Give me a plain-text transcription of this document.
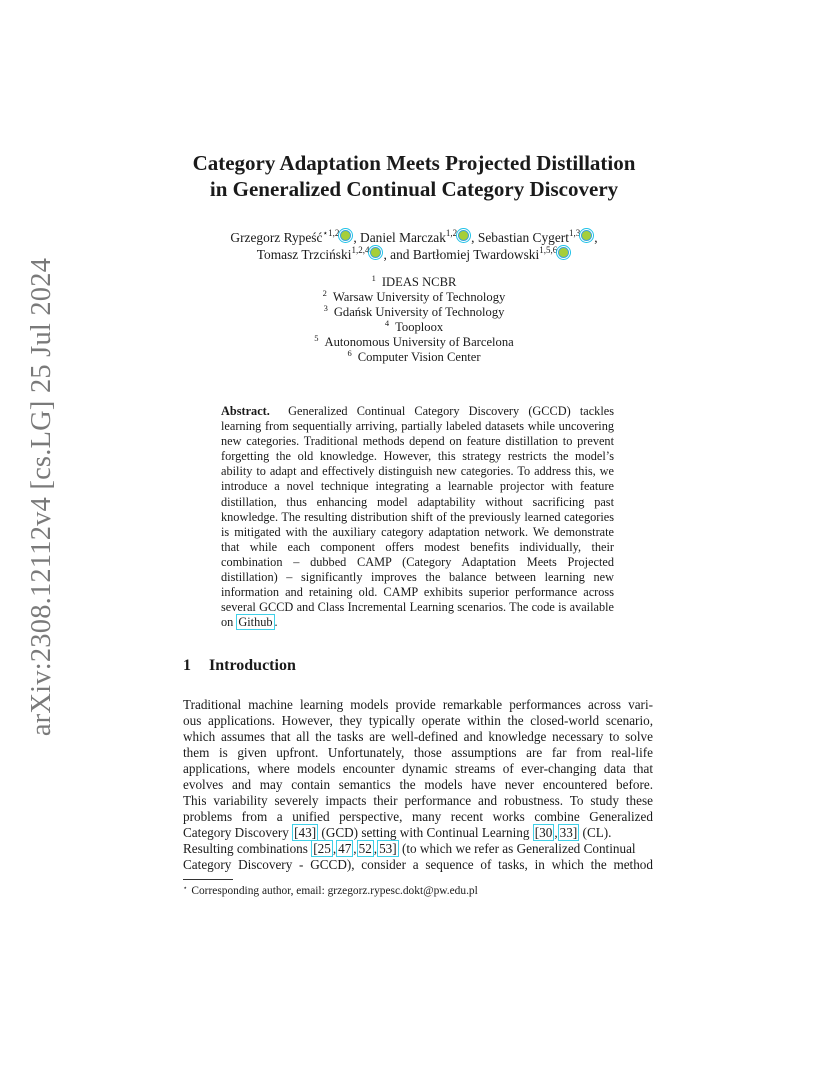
arXiv:2308.12112v4 [cs.LG] 25 Jul 2024
Category Adaptation Meets Projected Distillation
in Generalized Continual Category Discovery
Grzegorz Rypeść$^{⋆1,2}$ , Daniel Marczak$^{1,2}$ , Sebastian Cygert$^{1,3}$ ,
Tomasz Trzciński$^{1,2,4}$ , and Bartłomiej Twardowski$^{1,5,6}$
$^1$ IDEAS NCBR
$^2$ Warsaw University of Technology
$^3$ Gdańsk University of Technology
$^4$ Tooploox
$^5$ Autonomous University of Barcelona
$^6$ Computer Vision Center
Abstract. Generalized Continual Category Discovery (GCCD) tackles learning from sequentially arriving, partially labeled datasets while uncovering new categories. Traditional methods depend on feature distillation to prevent forgetting the old knowledge. However, this strategy restricts the model’s ability to adapt and effectively distinguish new categories. To address this, we introduce a novel technique integrating a learnable projector with feature distillation, thus enhancing model adaptability without sacrificing past knowledge. The resulting distribution shift of the previously learned categories is mitigated with the auxiliary category adaptation network. We demonstrate that while each component offers modest benefits individually, their combination – dubbed CAMP (Category Adaptation Meets Projected distillation) – significantly improves the balance between learning new information and retaining old. CAMP exhibits superior performance across several GCCD and Class Incremental Learning scenarios. The code is available on Github .
1 Introduction
Traditional machine learning models provide remarkable performances across vari-
ous applications. However, they typically operate within the closed-world scenario,
which assumes that all the tasks are well-defined and knowledge necessary to solve
them is given upfront. Unfortunately, those assumptions are far from real-life
applications, where models encounter dynamic streams of ever-changing data that
evolves and may contain semantics the models have never encountered before.
This variability severely impacts their performance and robustness. To study these
problems from a unified perspective, many recent works combine Generalized
Category Discovery [43] (GCD) setting with Continual Learning [30 , 33] (CL).
Resulting combinations [25 , 47 , 52 , 53] (to which we refer as Generalized Continual
Category Discovery - GCCD), consider a sequence of tasks, in which the method
⋆ Corresponding author, email: grzegorz.rypesc.dokt@pw.edu.pl
